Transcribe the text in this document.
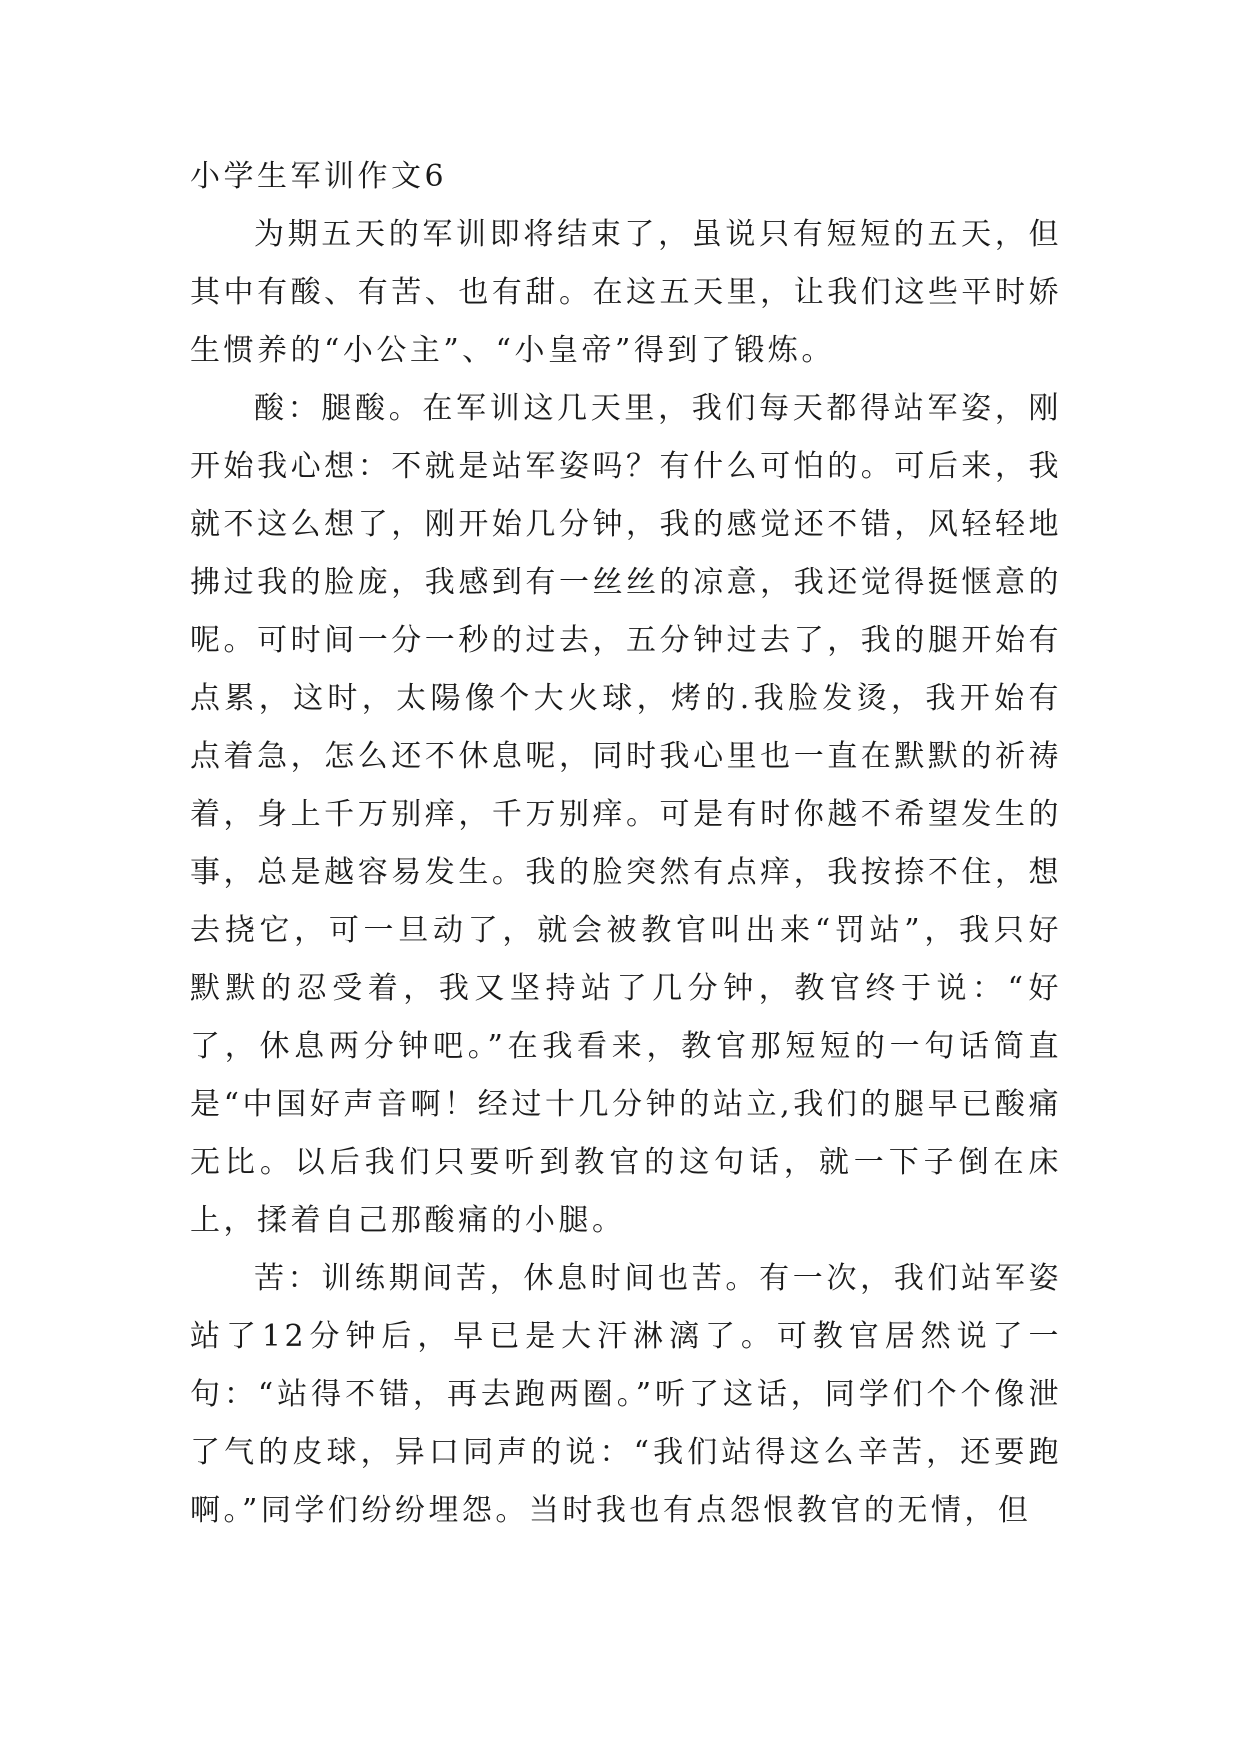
小学生军训作文6

为期五天的军训即将结束了，虽说只有短短的五天，但其中有酸、有苦、也有甜。在这五天里，让我们这些平时娇生惯养的“小公主”、“小皇帝”得到了锻炼。

酸：腿酸。在军训这几天里，我们每天都得站军姿，刚开始我心想：不就是站军姿吗？有什么可怕的。可后来，我就不这么想了，刚开始几分钟，我的感觉还不错，风轻轻地拂过我的脸庞，我感到有一丝丝的凉意，我还觉得挺惬意的呢。可时间一分一秒的过去，五分钟过去了，我的腿开始有点累，这时，太陽像个大火球，烤的.我脸发烫，我开始有点着急，怎么还不休息呢，同时我心里也一直在默默的祈祷着，身上千万别痒，千万别痒。可是有时你越不希望发生的事，总是越容易发生。我的脸突然有点痒，我按捺不住，想去挠它，可一旦动了，就会被教官叫出来“罚站”，我只好默默的忍受着，我又坚持站了几分钟，教官终于说：“好了，休息两分钟吧。”在我看来，教官那短短的一句话简直是“中国好声音啊！经过十几分钟的站立,我们的腿早已酸痛无比。以后我们只要听到教官的这句话，就一下子倒在床上，揉着自己那酸痛的小腿。

苦：训练期间苦，休息时间也苦。有一次，我们站军姿站了12分钟后，早已是大汗淋漓了。可教官居然说了一句：“站得不错，再去跑两圈。”听了这话，同学们个个像泄了气的皮球，异口同声的说：“我们站得这么辛苦，还要跑啊。”同学们纷纷埋怨。当时我也有点怨恨教官的无情，但
